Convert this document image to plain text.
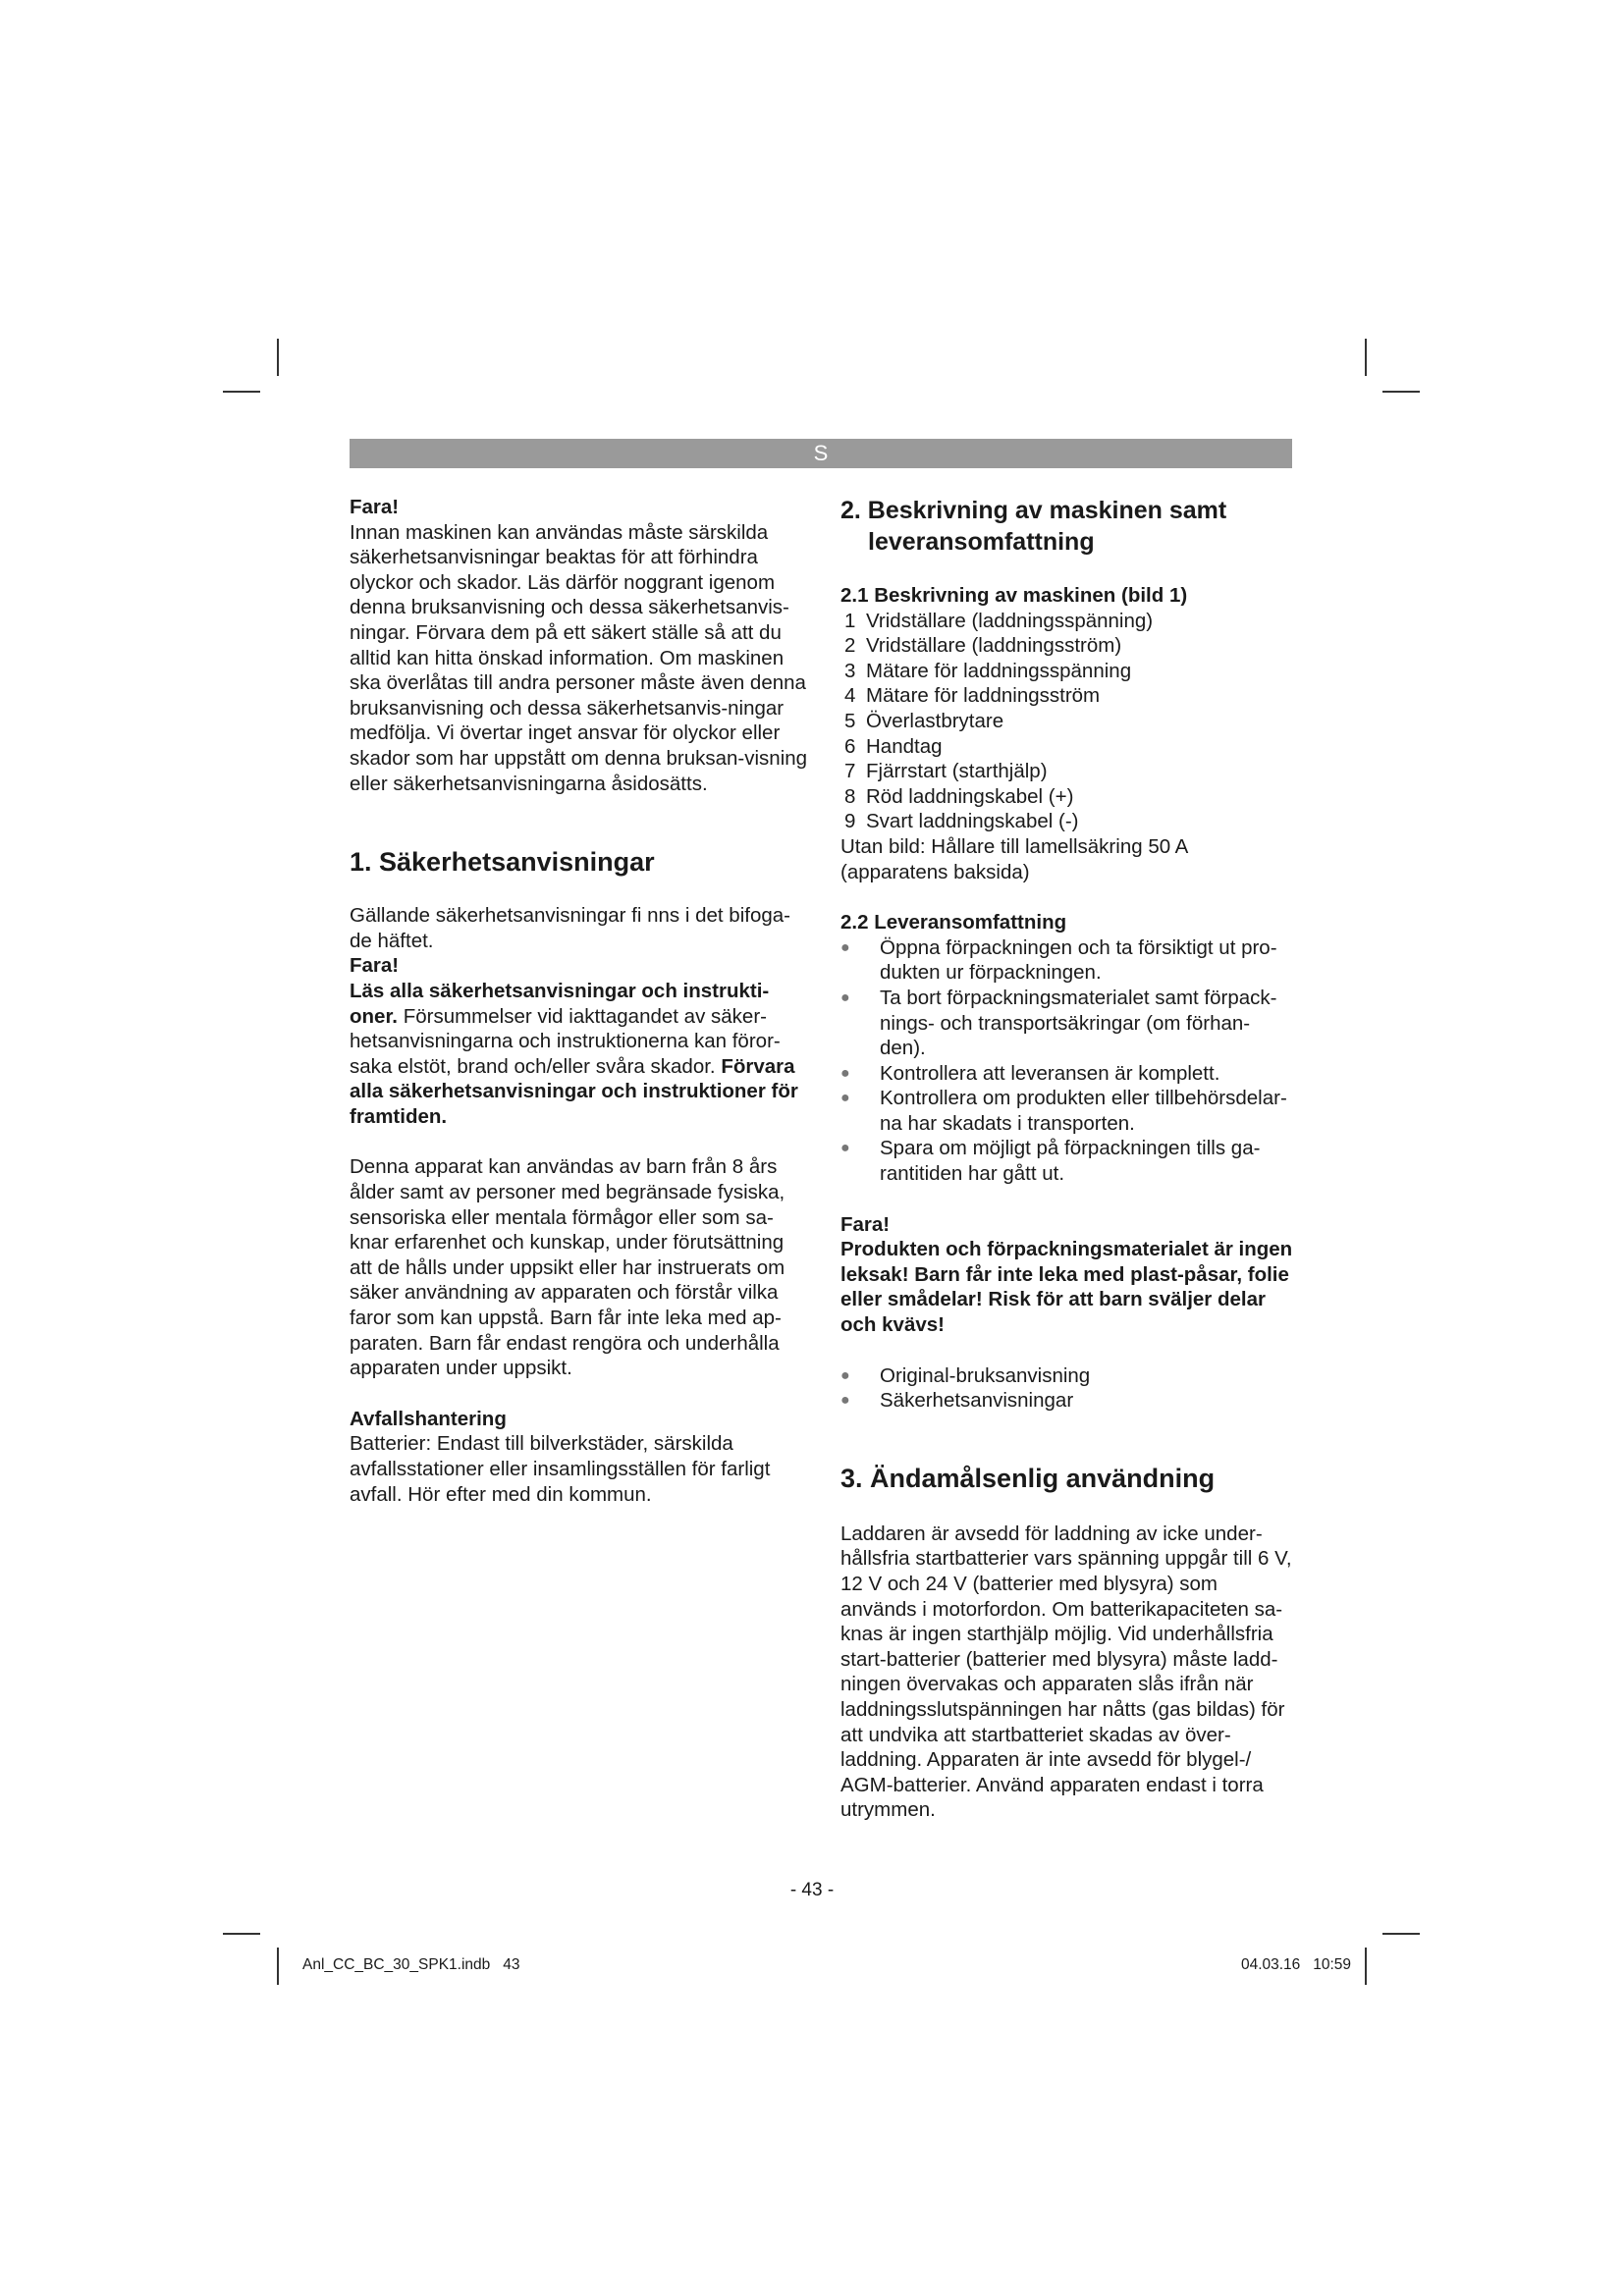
S

Fara!

Innan maskinen kan användas måste särskilda säkerhetsanvisningar beaktas för att förhindra olyckor och skador. Läs därför noggrant igenom denna bruksanvisning och dessa säkerhetsanvis-ningar. Förvara dem på ett säkert ställe så att du alltid kan hitta önskad information. Om maskinen ska överlåtas till andra personer måste även denna bruksanvisning och dessa säkerhetsanvis-ningar medfölja. Vi övertar inget ansvar för olyckor eller skador som har uppstått om denna bruksan-visning eller säkerhetsanvisningarna åsidosätts.

1. Säkerhetsanvisningar

Gällande säkerhetsanvisningar fi nns i det bifoga-de häftet.

Fara!

Läs alla säkerhetsanvisningar och instrukti-oner. Försummelser vid iakttagandet av säker-hetsanvisningarna och instruktionerna kan föror-saka elstöt, brand och/eller svåra skador. Förvara alla säkerhetsanvisningar och instruktioner för framtiden.

Denna apparat kan användas av barn från 8 års ålder samt av personer med begränsade fysiska, sensoriska eller mentala förmågor eller som sa-knar erfarenhet och kunskap, under förutsättning att de hålls under uppsikt eller har instruerats om säker användning av apparaten och förstår vilka faror som kan uppstå. Barn får inte leka med ap-paraten. Barn får endast rengöra och underhålla apparaten under uppsikt.

Avfallshantering

Batterier: Endast till bilverkstäder, särskilda avfallsstationer eller insamlingsställen för farligt avfall. Hör efter med din kommun.

2. Beskrivning av maskinen samt
leveransomfattning

2.1 Beskrivning av maskinen (bild 1)

1 Vridställare (laddningsspänning)
2 Vridställare (laddningsström)
3 Mätare för laddningsspänning
4 Mätare för laddningsström
5 Överlastbrytare
6 Handtag
7 Fjärrstart (starthjälp)
8 Röd laddningskabel (+)
9 Svart laddningskabel (-)

Utan bild: Hållare till lamellsäkring 50 A (apparatens baksida)

2.2 Leveransomfattning

●	Öppna förpackningen och ta försiktigt ut pro-dukten ur förpackningen.
●	Ta bort förpackningsmaterialet samt förpack-nings- och transportsäkringar (om förhan-den).
●	Kontrollera att leveransen är komplett.
●	Kontrollera om produkten eller tillbehörsdelar-na har skadats i transporten.
●	Spara om möjligt på förpackningen tills ga-rantitiden har gått ut.

Fara!

Produkten och förpackningsmaterialet är ingen leksak! Barn får inte leka med plast-påsar, folie eller smådelar! Risk för att barn sväljer delar och kvävs!

●	Original-bruksanvisning
●	Säkerhetsanvisningar
3. Ändamålsenlig användning

Laddaren är avsedd för laddning av icke under-hållsfria startbatterier vars spänning uppgår till 6 V, 12 V och 24 V (batterier med blysyra) som används i motorfordon. Om batterikapaciteten sa-knas är ingen starthjälp möjlig. Vid underhållsfria start-batterier (batterier med blysyra) måste ladd-ningen övervakas och apparaten slås ifrån när laddningsslutspänningen har nåtts (gas bildas) för att undvika att startbatteriet skadas av över-laddning. Apparaten är inte avsedd för blygel-/ AGM-batterier. Använd apparaten endast i torra utrymmen.

- 43 -
Anl_CC_BC_30_SPK1.indb   43	04.03.16   10:59
